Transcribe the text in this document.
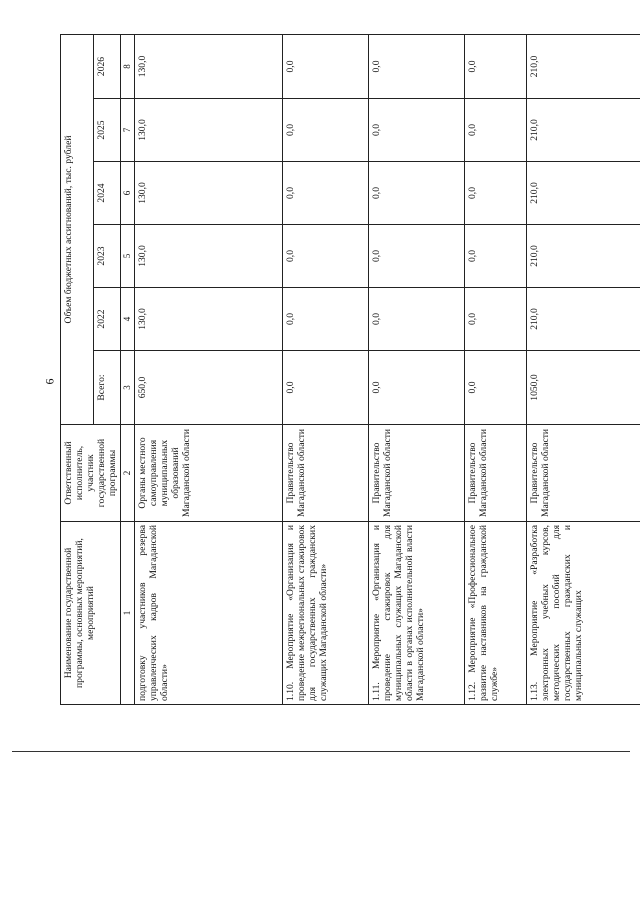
6
Наименование государственной программы, основных мероприятий, мероприятий	Ответственный исполнитель, участник государственной программы	Объем бюджетных ассигнований, тыс. рублей					
		Всего:	2022	2023	2024	2025	2026
1	2	3	4	5	6	7	8
подготовку участников резерва управленческих кадров Магаданской области»	Органы местного самоуправления муниципальных образований Магаданской области	650,0	130,0	130,0	130,0	130,0	130,0
1.10. Мероприятие «Организация и проведение межрегиональных стажировок для государственных гражданских служащих Магаданской области»	Правительство Магаданской области	0,0	0,0	0,0	0,0	0,0	0,0
1.11. Мероприятие «Организация и проведение стажировок для муниципальных служащих Магаданской области в органах исполнительной власти Магаданской области»	Правительство Магаданской области	0,0	0,0	0,0	0,0	0,0	0,0
1.12. Мероприятие «Профессиональное развитие наставников на гражданской службе»	Правительство Магаданской области	0,0	0,0	0,0	0,0	0,0	0,0
1.13. Мероприятие «Разработка электронных учебных курсов, методических пособий для государственных гражданских и муниципальных служащих	Правительство Магаданской области	1050,0	210,0	210,0	210,0	210,0	210,0
